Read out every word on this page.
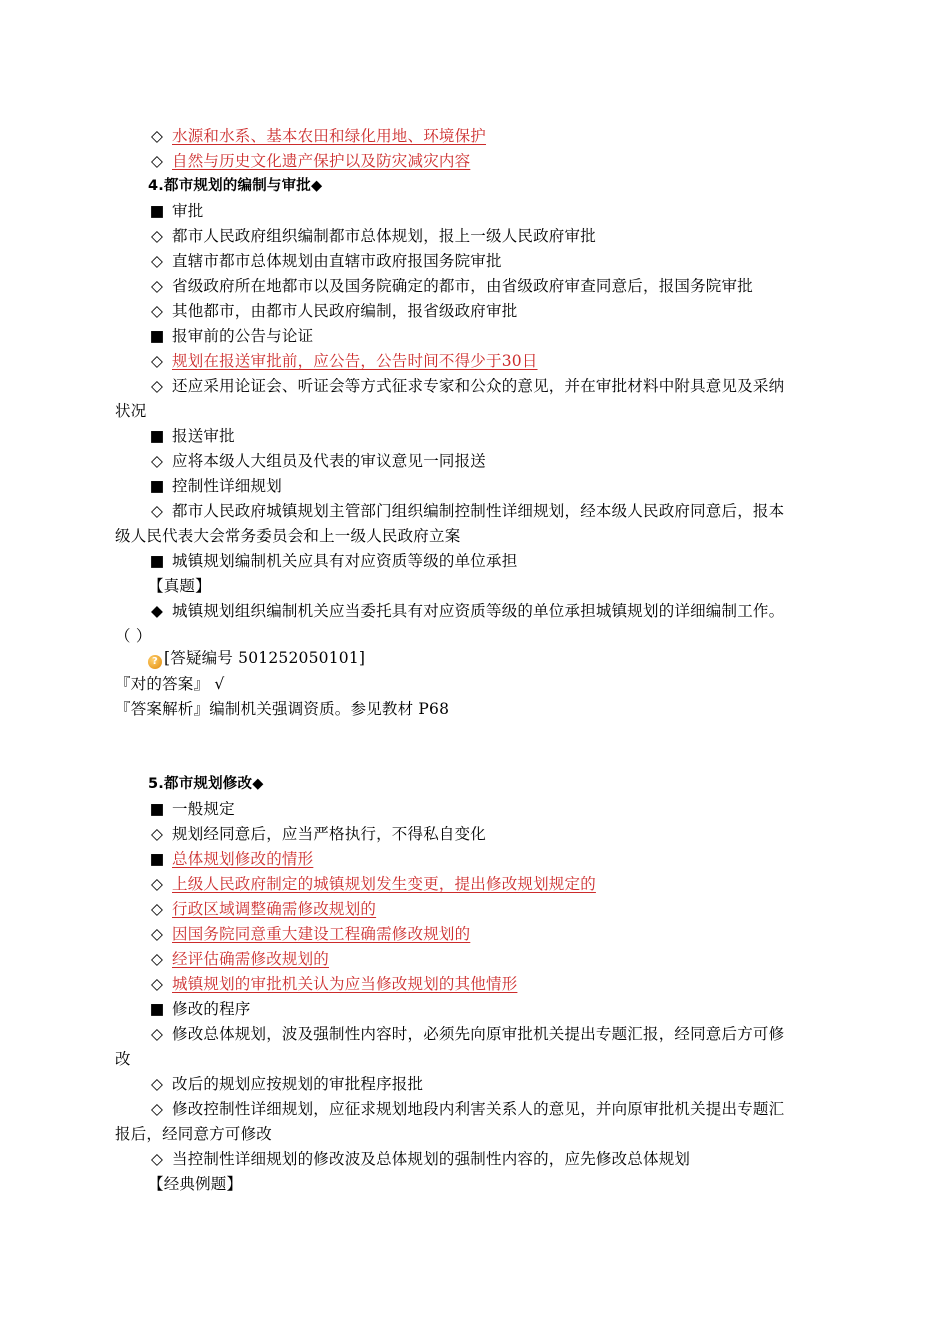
◇ 水源和水系、基本农田和绿化用地、环境保护
◇ 自然与历史文化遗产保护以及防灾减灾内容
4.都市规划的编制与审批◆
■ 审批
◇ 都市人民政府组织编制都市总体规划，报上一级人民政府审批
◇ 直辖市都市总体规划由直辖市政府报国务院审批
◇ 省级政府所在地都市以及国务院确定的都市，由省级政府审查同意后，报国务院审批
◇ 其他都市，由都市人民政府编制，报省级政府审批
■ 报审前的公告与论证
◇ 规划在报送审批前，应公告，公告时间不得少于30日
◇ 还应采用论证会、听证会等方式征求专家和公众的意见，并在审批材料中附具意见及采纳
状况
■ 报送审批
◇ 应将本级人大组员及代表的审议意见一同报送
■ 控制性详细规划
◇ 都市人民政府城镇规划主管部门组织编制控制性详细规划，经本级人民政府同意后，报本
级人民代表大会常务委员会和上一级人民政府立案
■ 城镇规划编制机关应具有对应资质等级的单位承担
【真题】
◆ 城镇规划组织编制机关应当委托具有对应资质等级的单位承担城镇规划的详细编制工作。
（ ）
? [答疑编号 501252050101]
『对的答案』 √
『答案解析』编制机关强调资质。参见教材 P68
5.都市规划修改◆
■ 一般规定
◇ 规划经同意后，应当严格执行，不得私自变化
■ 总体规划修改的情形
◇ 上级人民政府制定的城镇规划发生变更，提出修改规划规定的
◇ 行政区域调整确需修改规划的
◇ 因国务院同意重大建设工程确需修改规划的
◇ 经评估确需修改规划的
◇ 城镇规划的审批机关认为应当修改规划的其他情形
■ 修改的程序
◇ 修改总体规划，波及强制性内容时，必须先向原审批机关提出专题汇报，经同意后方可修
改
◇ 改后的规划应按规划的审批程序报批
◇ 修改控制性详细规划，应征求规划地段内利害关系人的意见，并向原审批机关提出专题汇
报后，经同意方可修改
◇ 当控制性详细规划的修改波及总体规划的强制性内容的，应先修改总体规划
【经典例题】
